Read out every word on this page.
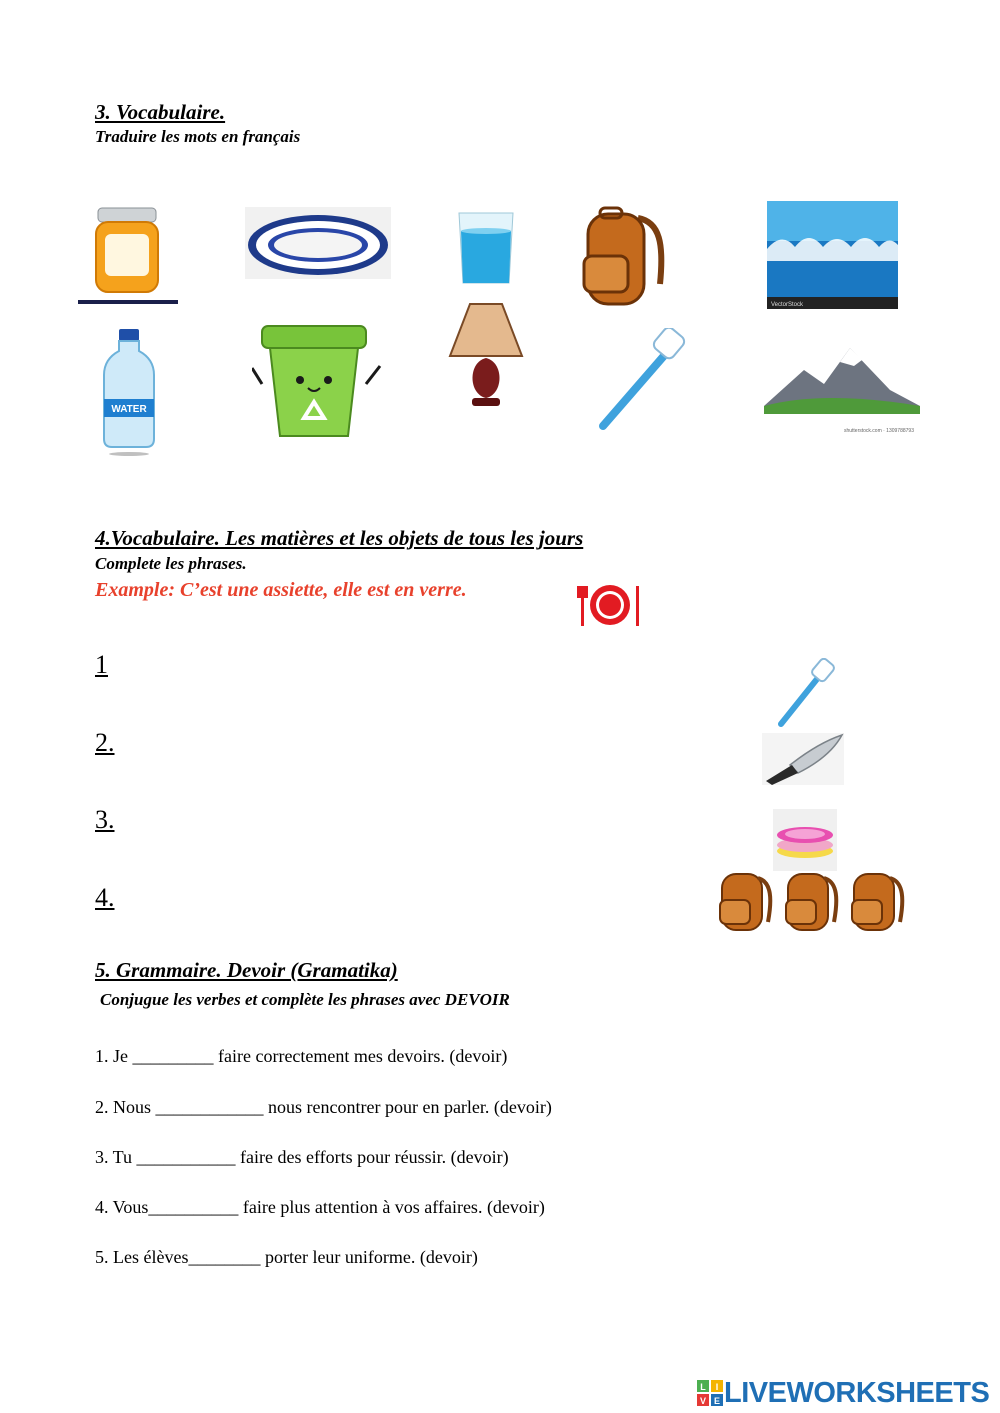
3. Vocabulaire.
Traduire les mots en français
VectorStock
WATER
shutterstock.com · 1309788793
4.Vocabulaire. Les matières et les objets de tous les jours
Complete les phrases.
Example: C’est une assiette, elle est en verre.
1
2.
3.
4.
5. Grammaire. Devoir (Gramatika)
Conjugue les verbes et complète les phrases avec DEVOIR
1. Je _________ faire correctement mes devoirs. (devoir)
2. Nous ____________ nous rencontrer pour en parler. (devoir)
3. Tu ___________ faire des efforts pour réussir. (devoir)
4. Vous__________ faire plus attention à vos affaires. (devoir)
5. Les élèves________ porter leur uniforme. (devoir)
L I
V E LIVEWORKSHEETS
